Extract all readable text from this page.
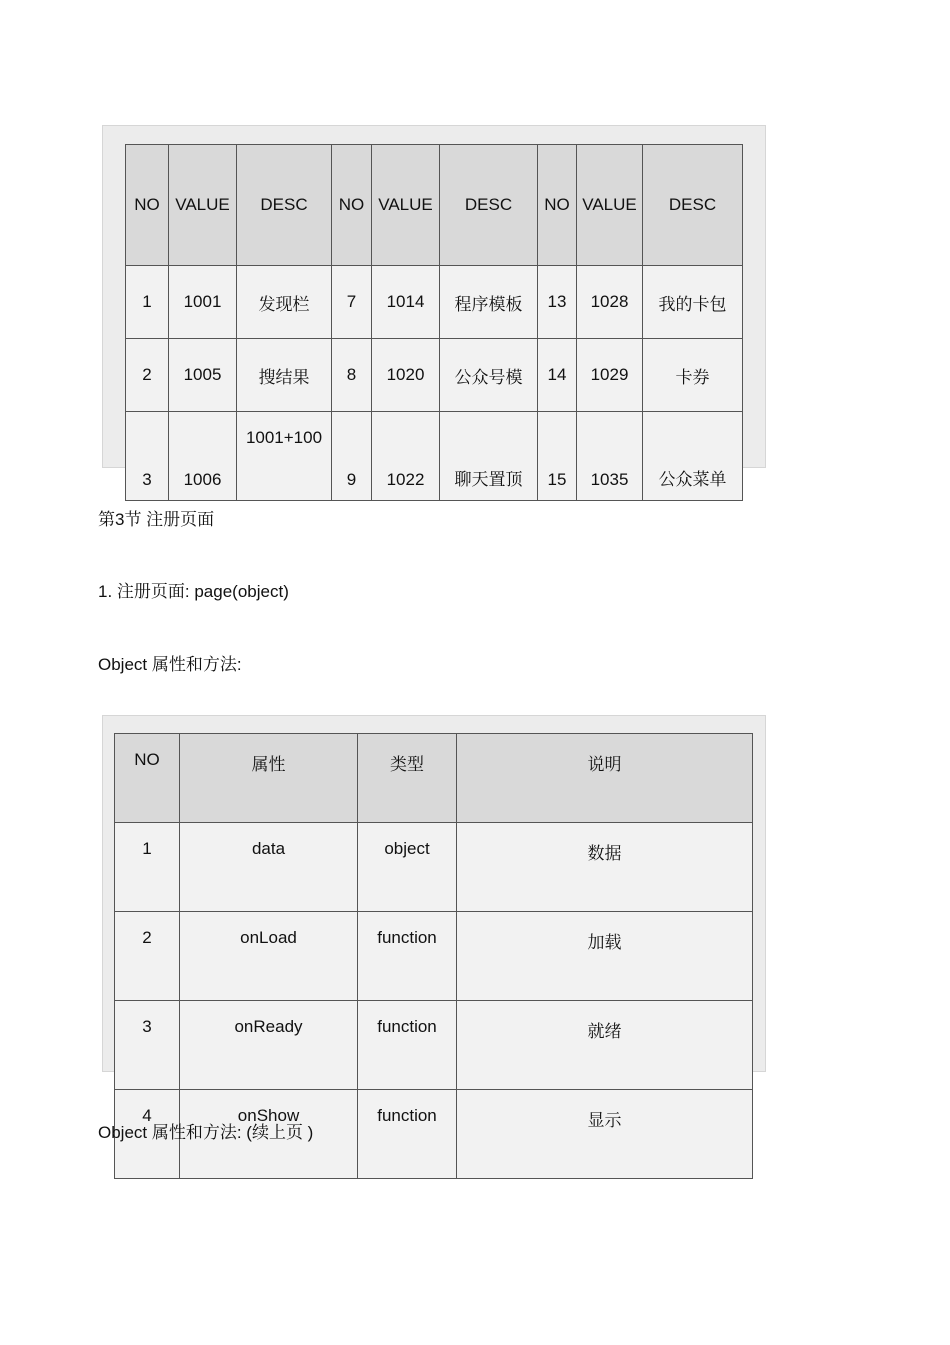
NO	VALUE	DESC	NO	VALUE	DESC	NO	VALUE	DESC
1	1001	发现栏	7	1014	程序模板	13	1028	我的卡包
2	1005	搜结果	8	1020	公众号模	14	1029	卡券
3	1006	1001+100	9	1022	聊天置顶	15	1035	公众菜单
第3节 注册页面
1. 注册页面: page(object)
Object 属性和方法:
NO	属性	类型	说明
1	data	object	数据
2	onLoad	function	加载
3	onReady	function	就绪
4	onShow	function	显示
Object 属性和方法: (续上页 )
